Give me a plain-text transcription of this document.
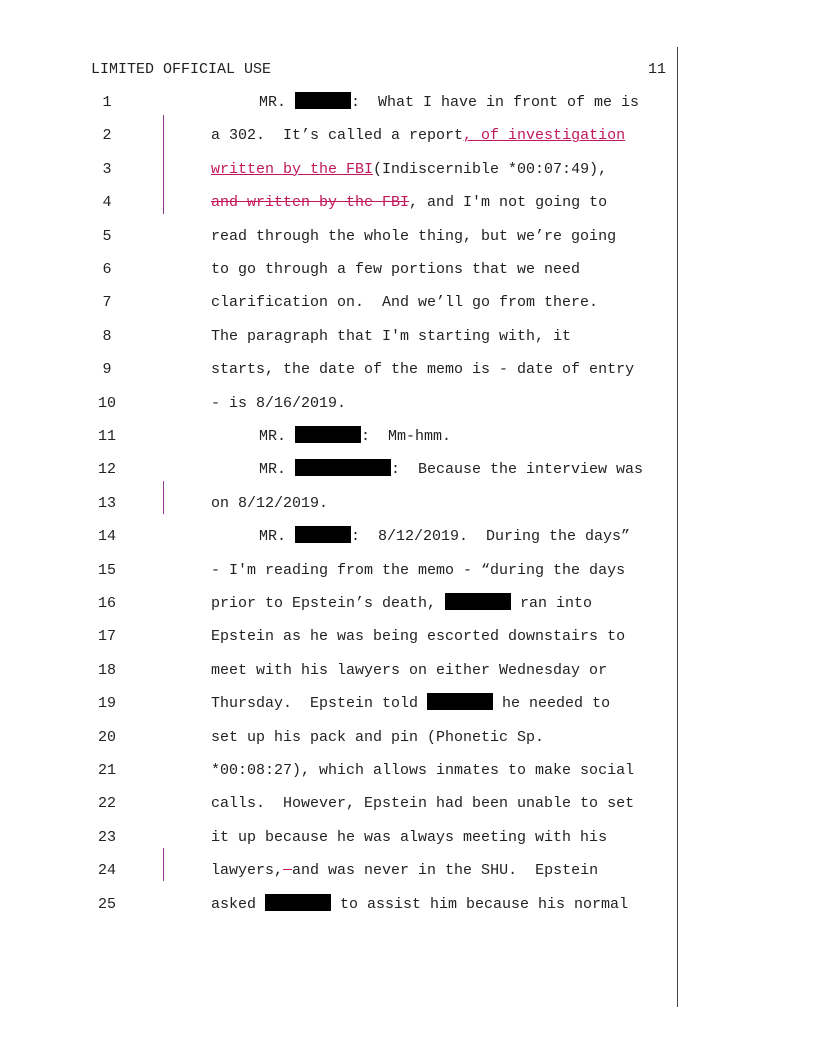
LIMITED OFFICIAL USE	11
1	MR.	:  What I have in front of me is
2	a 302.  It’s called a report, of investigation
3	written by the FBI(Indiscernible *00:07:49),
4	and written by the FBI, and I'm not going to
5	read through the whole thing, but we’re going
6	to go through a few portions that we need
7	clarification on.  And we’ll go from there.
8	The paragraph that I'm starting with, it
9	starts, the date of the memo is - date of entry
10	- is 8/16/2019.
11	MR.	:  Mm-hmm.
12	MR.	:  Because the interview was
13	on 8/12/2019.
14	MR.	:  8/12/2019.  During the days”
15	- I'm reading from the memo - “during the days
16	prior to Epstein’s death,	ran into
17	Epstein as he was being escorted downstairs to
18	meet with his lawyers on either Wednesday or
19	Thursday.  Epstein told	he needed to
20	set up his pack and pin (Phonetic Sp.
21	*00:08:27), which allows inmates to make social
22	calls.  However, Epstein had been unable to set
23	it up because he was always meeting with his
24	lawyers, and was never in the SHU.  Epstein
25	asked	to assist him because his normal
